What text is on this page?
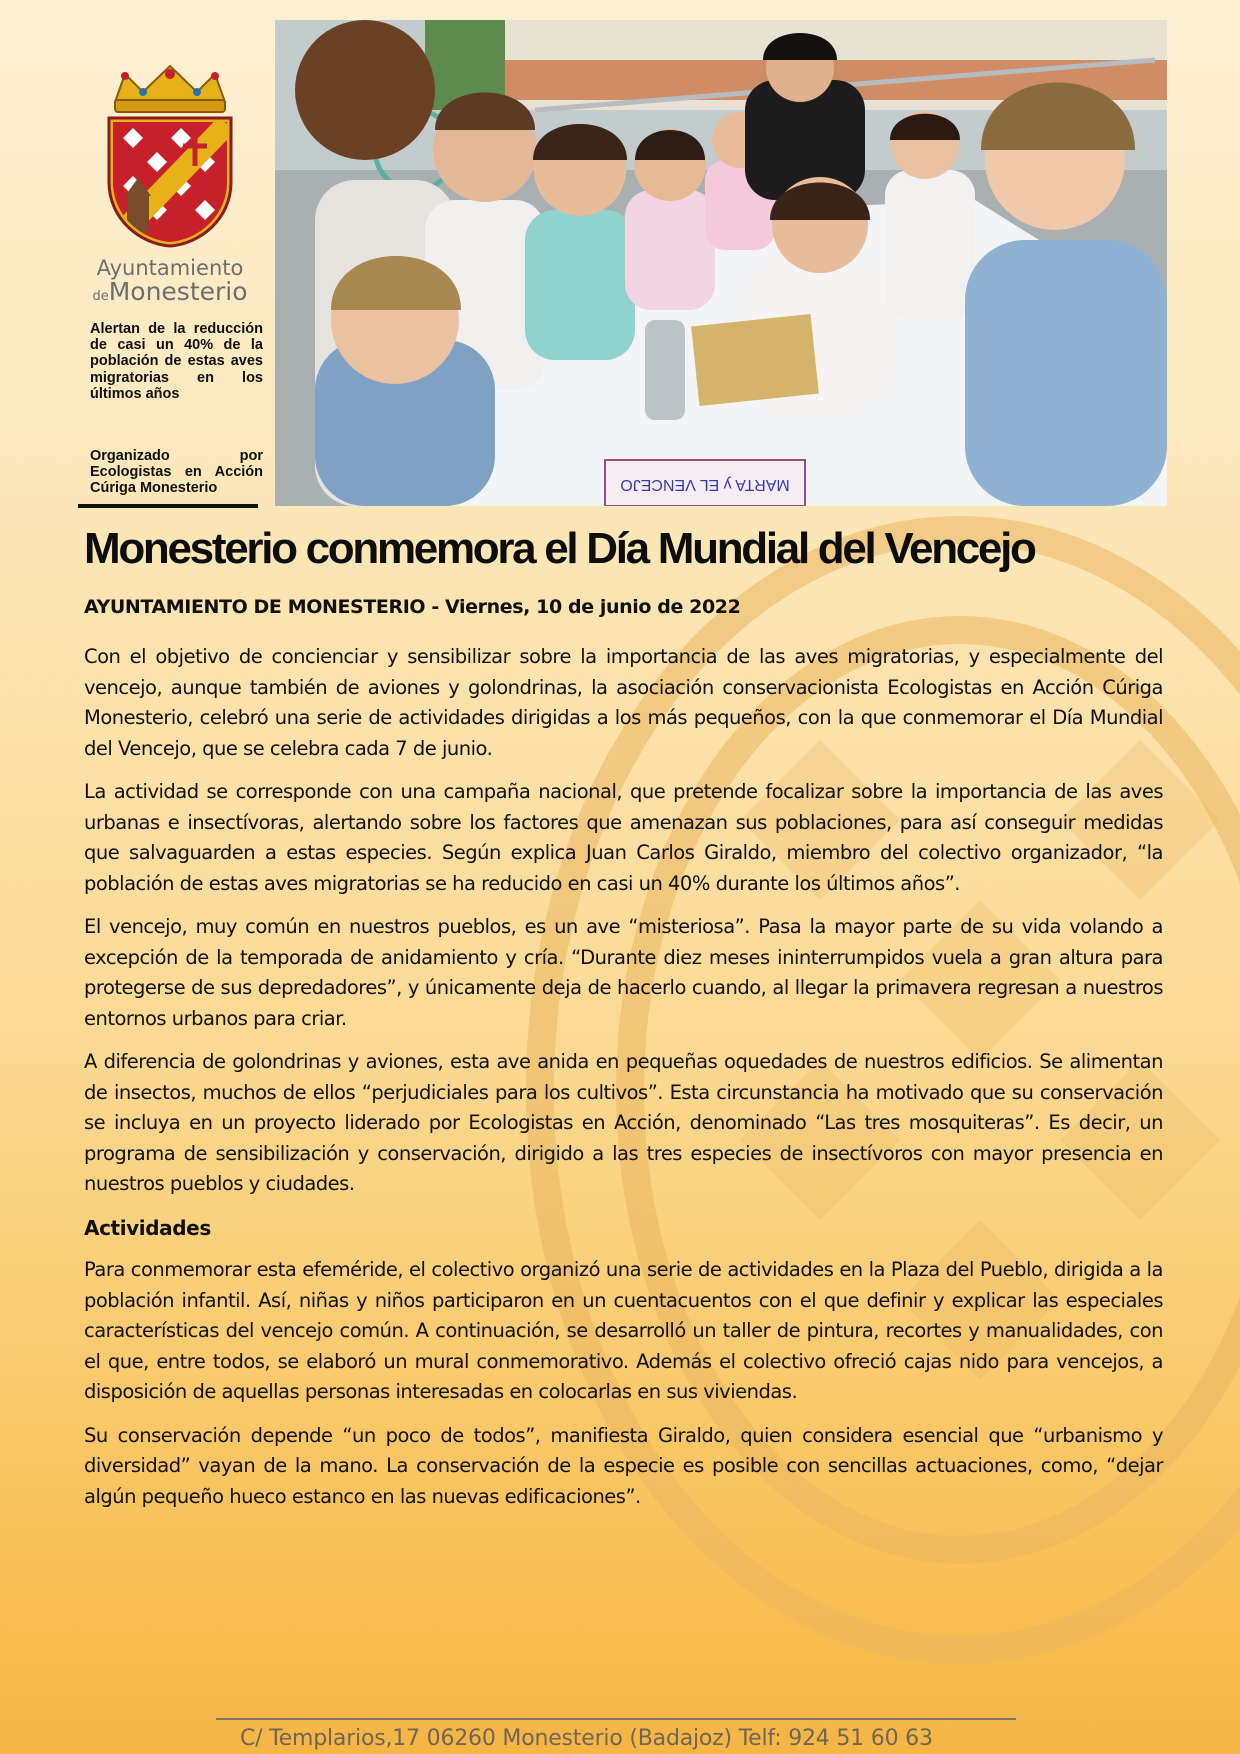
Ayuntamiento
deMonesterio
Alertan de la reducción de casi un 40% de la población de estas aves migratorias en los últimos años
Organizado por Ecologistas en Acción Cúriga Monesterio	MARTA y EL VENCEJO
Monesterio conmemora el Día Mundial del Vencejo
AYUNTAMIENTO DE MONESTERIO - Viernes, 10 de junio de 2022

Con el objetivo de concienciar y sensibilizar sobre la importancia de las aves migratorias, y especialmente del vencejo, aunque también de aviones y golondrinas, la asociación conservacionista Ecologistas en Acción Cúriga Monesterio, celebró una serie de actividades dirigidas a los más pequeños, con la que conmemorar el Día Mundial del Vencejo, que se celebra cada 7 de junio.

La actividad se corresponde con una campaña nacional, que pretende focalizar sobre la importancia de las aves urbanas e insectívoras, alertando sobre los factores que amenazan sus poblaciones, para así conseguir medidas que salvaguarden a estas especies. Según explica Juan Carlos Giraldo, miembro del colectivo organizador, “la población de estas aves migratorias se ha reducido en casi un 40% durante los últimos años”.

El vencejo, muy común en nuestros pueblos, es un ave “misteriosa”. Pasa la mayor parte de su vida volando a excepción de la temporada de anidamiento y cría. “Durante diez meses ininterrumpidos vuela a gran altura para protegerse de sus depredadores”, y únicamente deja de hacerlo cuando, al llegar la primavera regresan a nuestros entornos urbanos para criar.

A diferencia de golondrinas y aviones, esta ave anida en pequeñas oquedades de nuestros edificios. Se alimentan de insectos, muchos de ellos “perjudiciales para los cultivos”. Esta circunstancia ha motivado que su conservación se incluya en un proyecto liderado por Ecologistas en Acción, denominado “Las tres mosquiteras”. Es decir, un programa de sensibilización y conservación, dirigido a las tres especies de insectívoros con mayor presencia en nuestros pueblos y ciudades.

Actividades

Para conmemorar esta efeméride, el colectivo organizó una serie de actividades en la Plaza del Pueblo, dirigida a la población infantil. Así, niñas y niños participaron en un cuentacuentos con el que definir y explicar las especiales características del vencejo común. A continuación, se desarrolló un taller de pintura, recortes y manualidades, con el que, entre todos, se elaboró un mural conmemorativo. Además el colectivo ofreció cajas nido para vencejos, a disposición de aquellas personas interesadas en colocarlas en sus viviendas.

Su conservación depende “un poco de todos”, manifiesta Giraldo, quien considera esencial que “urbanismo y diversidad” vayan de la mano. La conservación de la especie es posible con sencillas actuaciones, como, “dejar algún pequeño hueco estanco en las nuevas edificaciones”.

C/ Templarios,17 06260 Monesterio (Badajoz) Telf: 924 51 60 63
